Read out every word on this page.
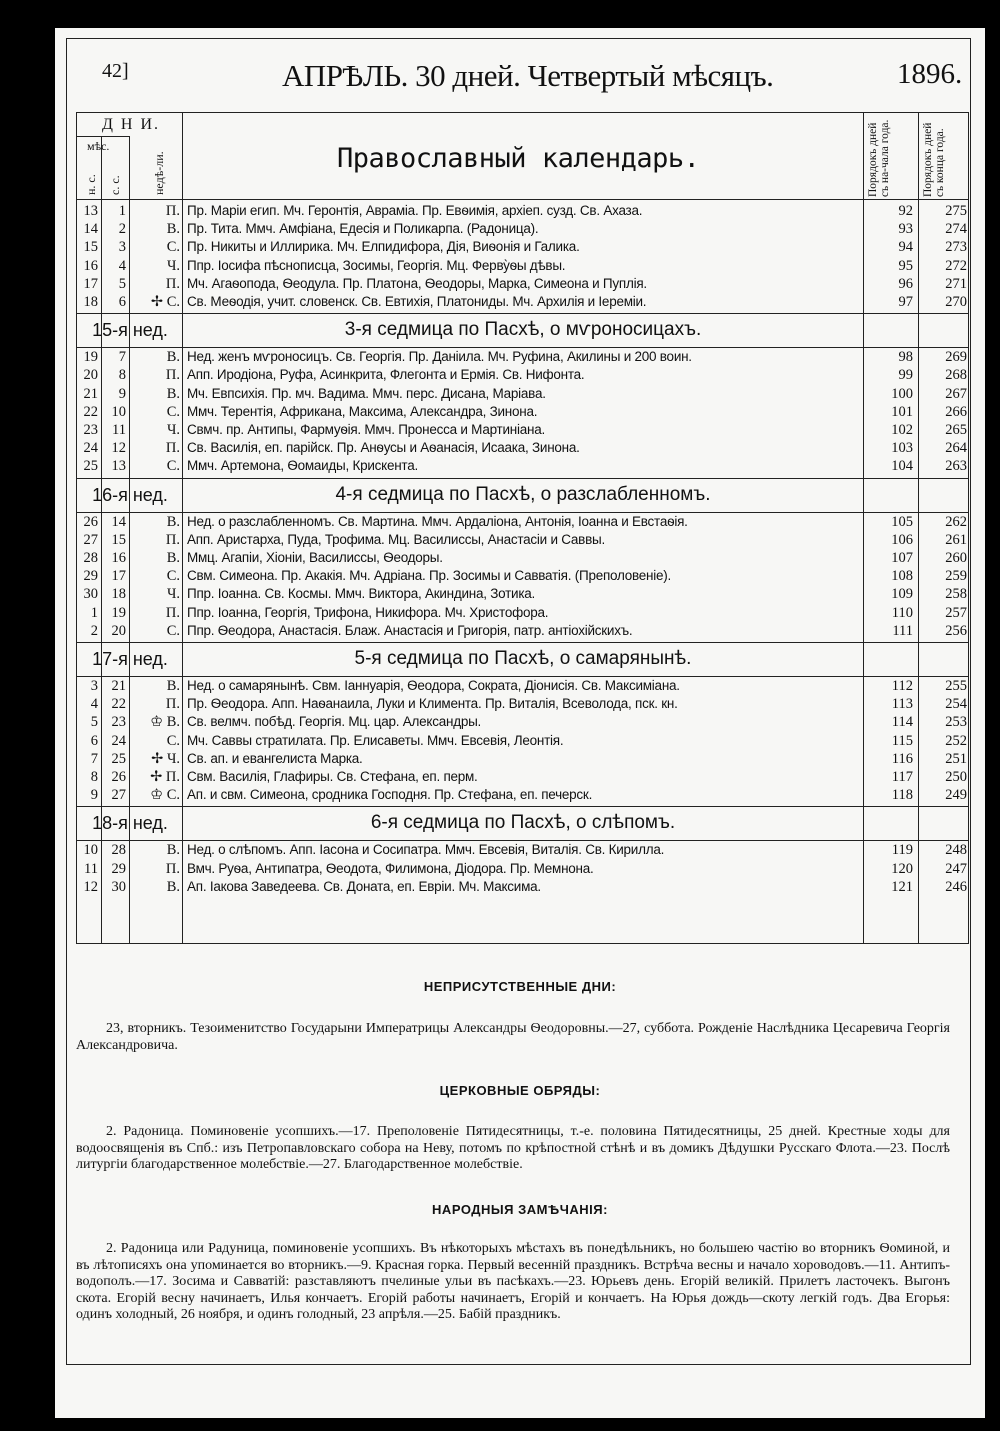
42]	АПРѢЛЬ. 30 дней. Четвертый мѣсяцъ.	1896.
Д Н И.
мѣс.
н. с. с. с.	недѣ-ли.	Православный календарь.	Порядокъ дней съ на-чала года.	Порядокъ дней съ конца года.
13	1	П. Пр. Маріи егип. Мч. Геронтія, Авраміа. Пр. Евѳимія, архіеп. сузд. Св. Ахаза.	92	275
14	2	В. Пр. Тита. Ммч. Амфіана, Едесія и Поликарпа. (Радоница).	93	274
15	3	С. Пр. Никиты и Иллирика. Мч. Елпидифора, Дія, Виѳонія и Галика.	94	273
16	4	Ч. Ппр. Іосифа пѣснописца, Зосимы, Георгія. Мц. Ферву̀ѳы дѣвы.	95	272
17	5	П. Мч. Агаѳопода, Ѳеодула. Пр. Платона, Ѳеодоры, Марка, Симеона и Пуплія.	96	271
18	6	✢ С. Св. Меѳодія, учит. словенск. Св. Евтихія, Платониды. Мч. Архилія и Іереміи.	97	270
15-я нед.	3-я седмица по Пасхѣ, о мѵроносицахъ.
19	7	В. Нед. женъ мѵроносицъ. Св. Георгія. Пр. Даніила. Мч. Руфина, Акилины и 200 воин.	98	269
20	8	П. Апп. Иродіона, Руфа, Асинкрита, Флегонта и Ермія. Св. Нифонта.	99	268
21	9	В. Мч. Евпсихія. Пр. мч. Вадима. Ммч. перс. Дисана, Маріава.	100	267
22 10	С. Ммч. Терентія, Африкана, Максима, Александра, Зинона.	101	266
23 11	Ч. Свмч. пр. Антипы, Фармуѳія. Ммч. Пронесса и Мартиніана.	102	265
24 12	П. Св. Василія, еп. парійск. Пр. Анѳусы и Аѳанасія, Исаака, Зинона.	103	264
25 13	С. Ммч. Артемона, Ѳомаиды, Крискента.	104	263
16-я нед.	4-я седмица по Пасхѣ, о разслабленномъ.
26 14	В. Нед. о разслабленномъ. Св. Мартина. Ммч. Ардаліона, Антонія, Іоанна и Евстаѳія.	105	262
27 15	П. Апп. Аристарха, Пуда, Трофима. Мц. Василиссы, Анастасіи и Саввы.	106	261
28 16	В. Ммц. Агапіи, Хіоніи, Василиссы, Ѳеодоры.	107	260
29 17	С. Свм. Симеона. Пр. Акакія. Мч. Адріана. Пр. Зосимы и Савватія. (Преполовеніе).	108	259
30 18	Ч. Ппр. Іоанна. Св. Космы. Ммч. Виктора, Акиндина, Зотика.	109	258
1 19	П. Ппр. Іоанна, Георгія, Трифона, Никифора. Мч. Христофора.	110	257
2 20	С. Ппр. Ѳеодора, Анастасія. Блаж. Анастасія и Григорія, патр. антіохійскихъ.	111	256
17-я нед.	5-я седмица по Пасхѣ, о самарянынѣ.
3 21	В. Нед. о самарянынѣ. Свм. Іаннуарія, Ѳеодора, Сократа, Діонисія. Св. Максиміана.	112	255
4 22	П. Пр. Ѳеодора. Апп. Наѳанаила, Луки и Климента. Пр. Виталія, Всеволода, пск. кн.	113	254
5 23	♔ В. Св. велмч. побѣд. Георгія. Мц. цар. Александры.	114	253
6 24	С. Мч. Саввы стратилата. Пр. Елисаветы. Ммч. Евсевія, Леонтія.	115	252
7 25	✢ Ч. Св. ап. и евангелиста Марка.	116	251
8 26	✢ П. Свм. Василія, Глафиры. Св. Стефана, еп. перм.	117	250
9 27	♔ С. Ап. и свм. Симеона, сродника Господня. Пр. Стефана, еп. печерск.	118	249
18-я нед.	6-я седмица по Пасхѣ, о слѣпомъ.
10 28	В. Нед. о слѣпомъ. Апп. Іасона и Сосипатра. Ммч. Евсевія, Виталія. Св. Кирилла.	119	248
11 29	П. Вмч. Руѳа, Антипатра, Ѳеодота, Филимона, Діодора. Пр. Мемнона.	120	247
12 30	В. Ап. Іакова Заведеева. Св. Доната, еп. Евріи. Мч. Максима.	121	246
НЕПРИСУТСТВЕННЫЕ ДНИ:
23, вторникъ. Тезоименитство Государыни Императрицы Александры Ѳеодоровны.—27, суббота. Рожденіе Наслѣдника Цесаревича Георгія Александровича.
ЦЕРКОВНЫЕ ОБРЯДЫ:
2. Радоница. Поминовеніе усопшихъ.—17. Преполовеніе Пятидесятницы, т.-е. половина Пятидесятницы, 25 дней. Крестные ходы для водоосвященія въ Спб.: изъ Петропавловскаго собора на Неву, потомъ по крѣпостной стѣнѣ и въ домикъ Дѣдушки Русскаго Флота.—23. Послѣ литургіи благодарственное молебствіе.—27. Благодарственное молебствіе.
НАРОДНЫЯ ЗАМѢЧАНІЯ:
2. Радоница или Радуница, поминовеніе усопшихъ. Въ нѣкоторыхъ мѣстахъ въ понедѣльникъ, но большею частію во вторникъ Ѳоминой, и въ лѣтописяхъ она упоминается во вторникъ.—9. Красная горка. Первый весенній праздникъ. Встрѣча весны и начало хороводовъ.—11. Антипъ-водополъ.—17. Зосима и Савватій: разставляютъ пчелиные ульи въ пасѣкахъ.—23. Юрьевъ день. Егорій великій. Прилетъ ласточекъ. Выгонъ скота. Егорій весну начинаетъ, Илья кончаетъ. Егорій работы начинаетъ, Егорій и кончаетъ. На Юрья дождь—скоту легкій годъ. Два Егорья: одинъ холодный, 26 ноября, и одинъ голодный, 23 апрѣля.—25. Бабій праздникъ.
